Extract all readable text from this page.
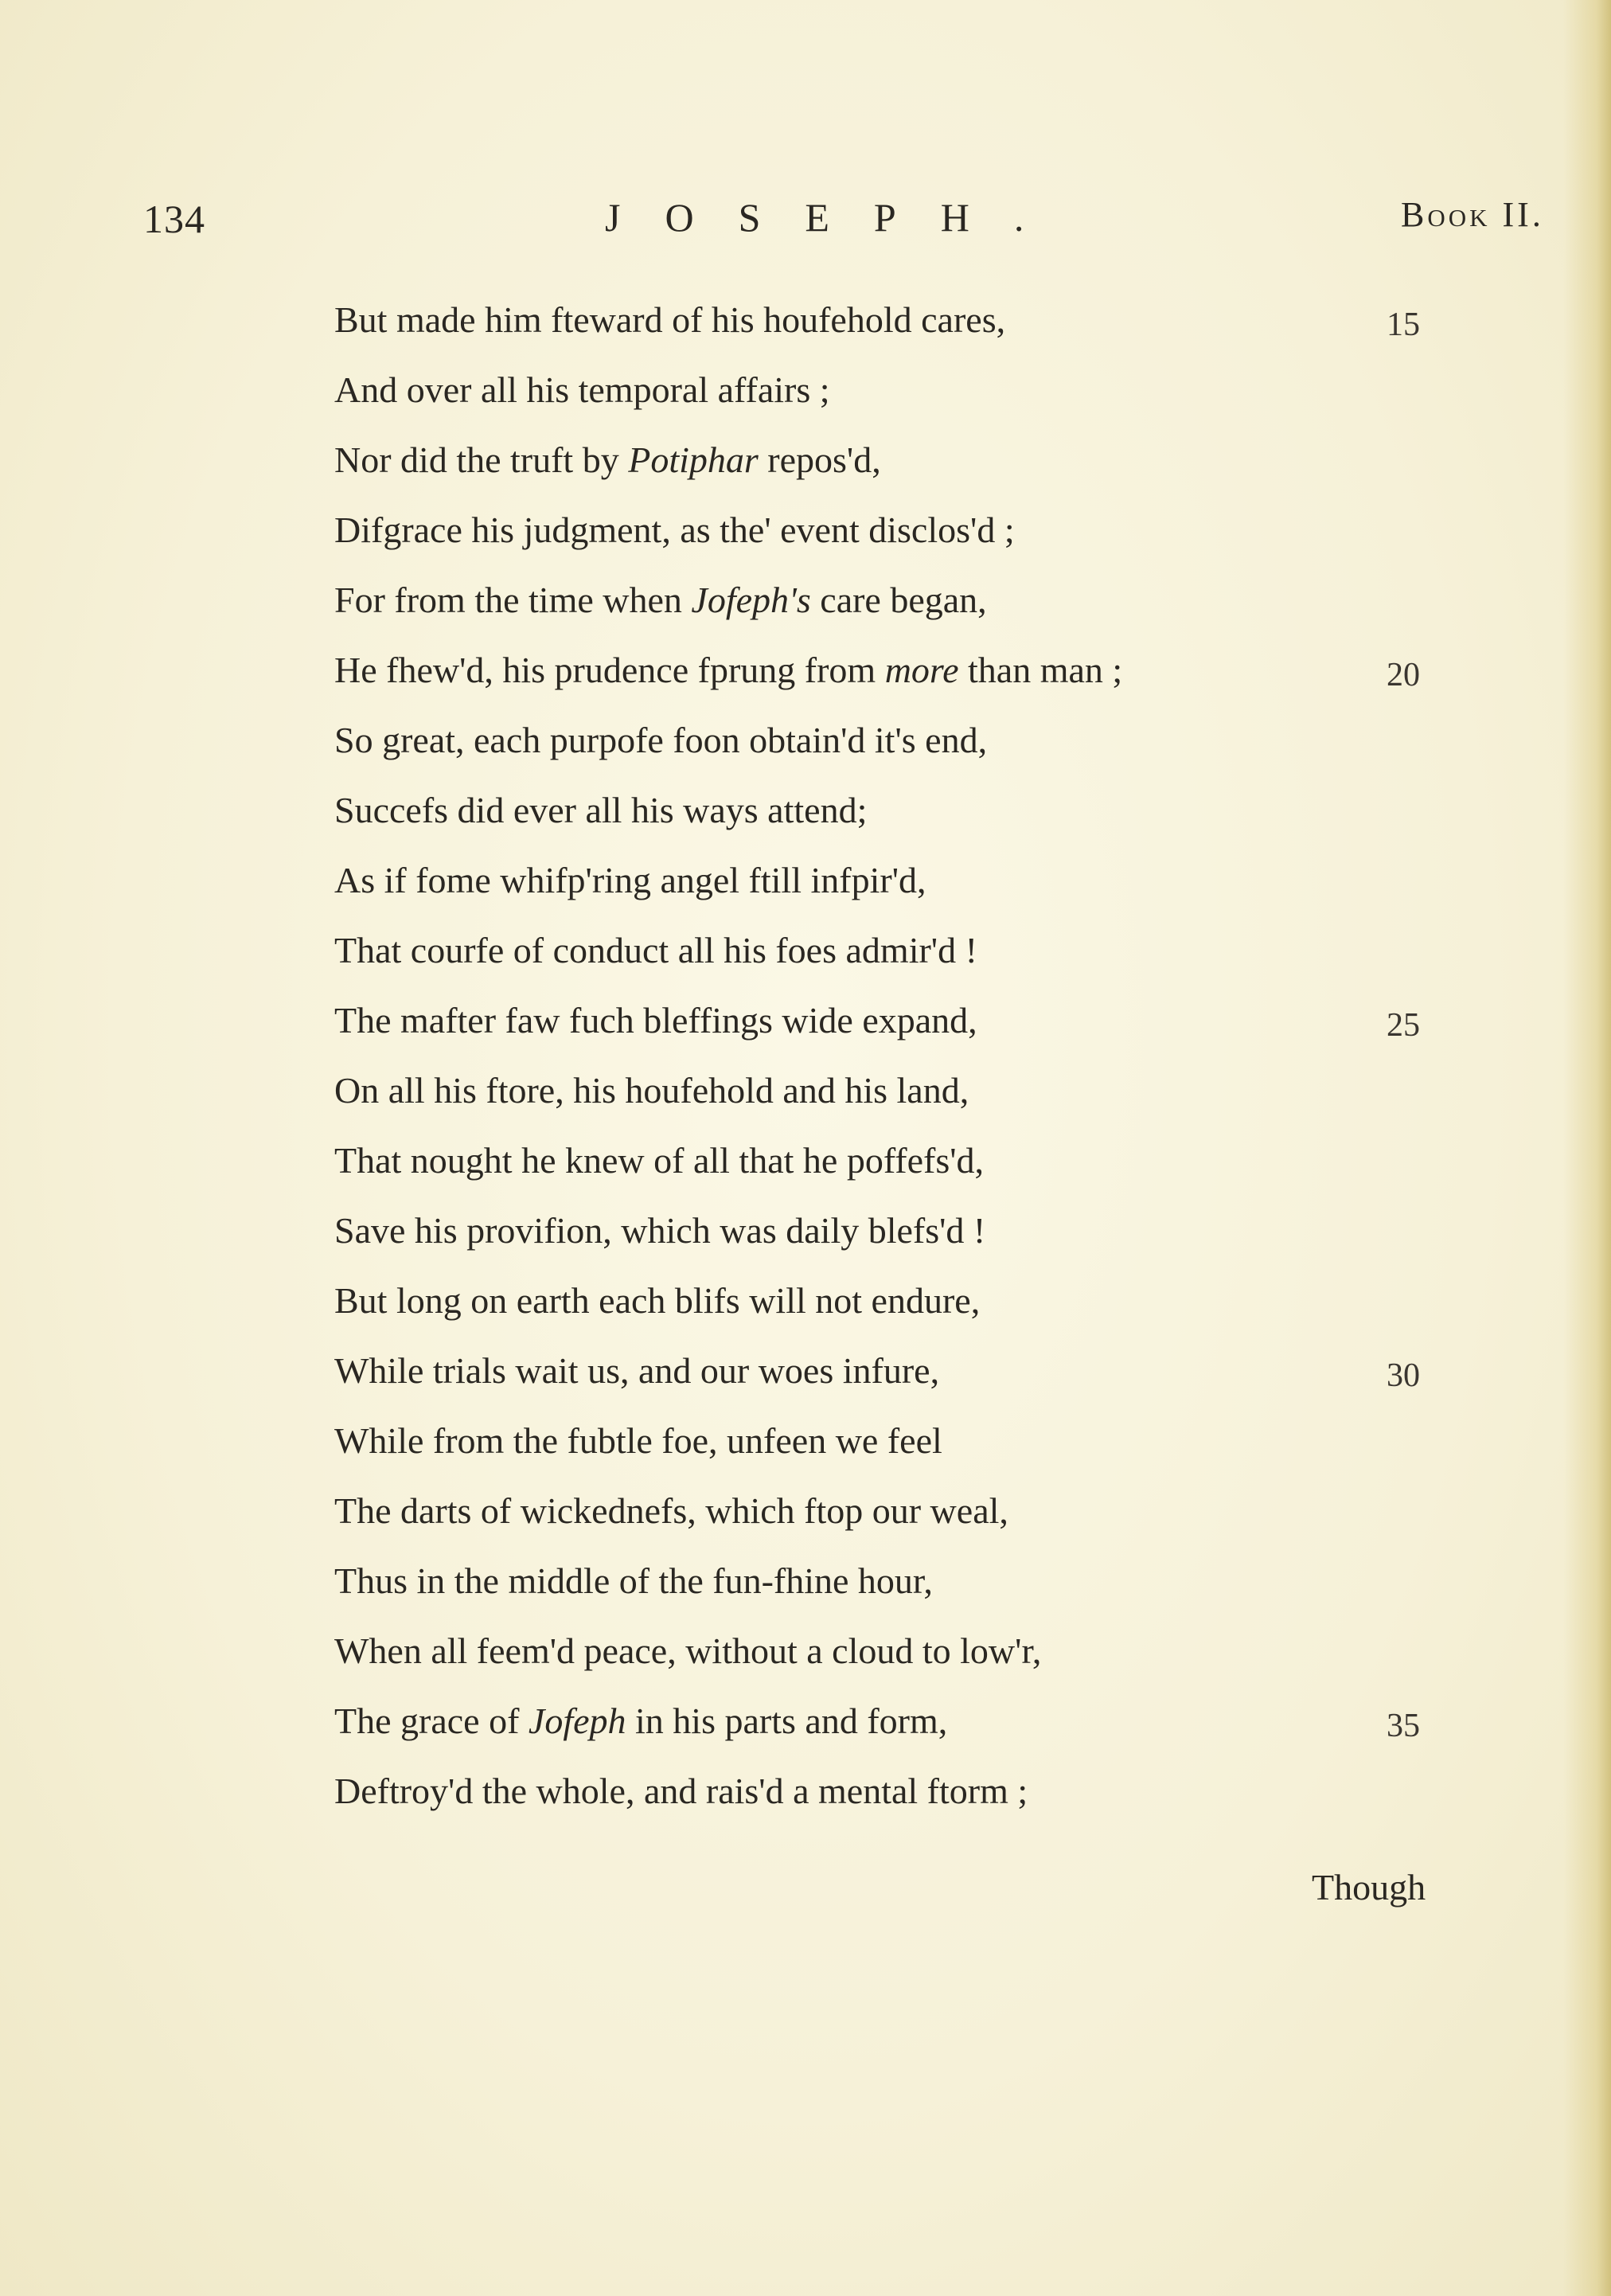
134	JOSEPH.	Book II.
But made him fteward of his houfehold cares,	15
And over all his temporal affairs ;
Nor did the truft by Potiphar repos'd,
Difgrace his judgment, as the' event disclos'd ;
For from the time when Jofeph's care began,
He fhew'd, his prudence fprung from more than man ;	20
So great, each purpofe foon obtain'd it's end,
Succefs did ever all his ways attend;
As if fome whifp'ring angel ftill infpir'd,
That courfe of conduct all his foes admir'd !
The mafter faw fuch bleffings wide expand,	25
On all his ftore, his houfehold and his land,
That nought he knew of all that he poffefs'd,
Save his provifion, which was daily blefs'd !
But long on earth each blifs will not endure,
While trials wait us, and our woes infure,	30
While from the fubtle foe, unfeen we feel
The darts of wickednefs, which ftop our weal,
Thus in the middle of the fun-fhine hour,
When all feem'd peace, without a cloud to low'r,
The grace of Jofeph in his parts and form,	35
Deftroy'd the whole, and rais'd a mental ftorm ;
Though
